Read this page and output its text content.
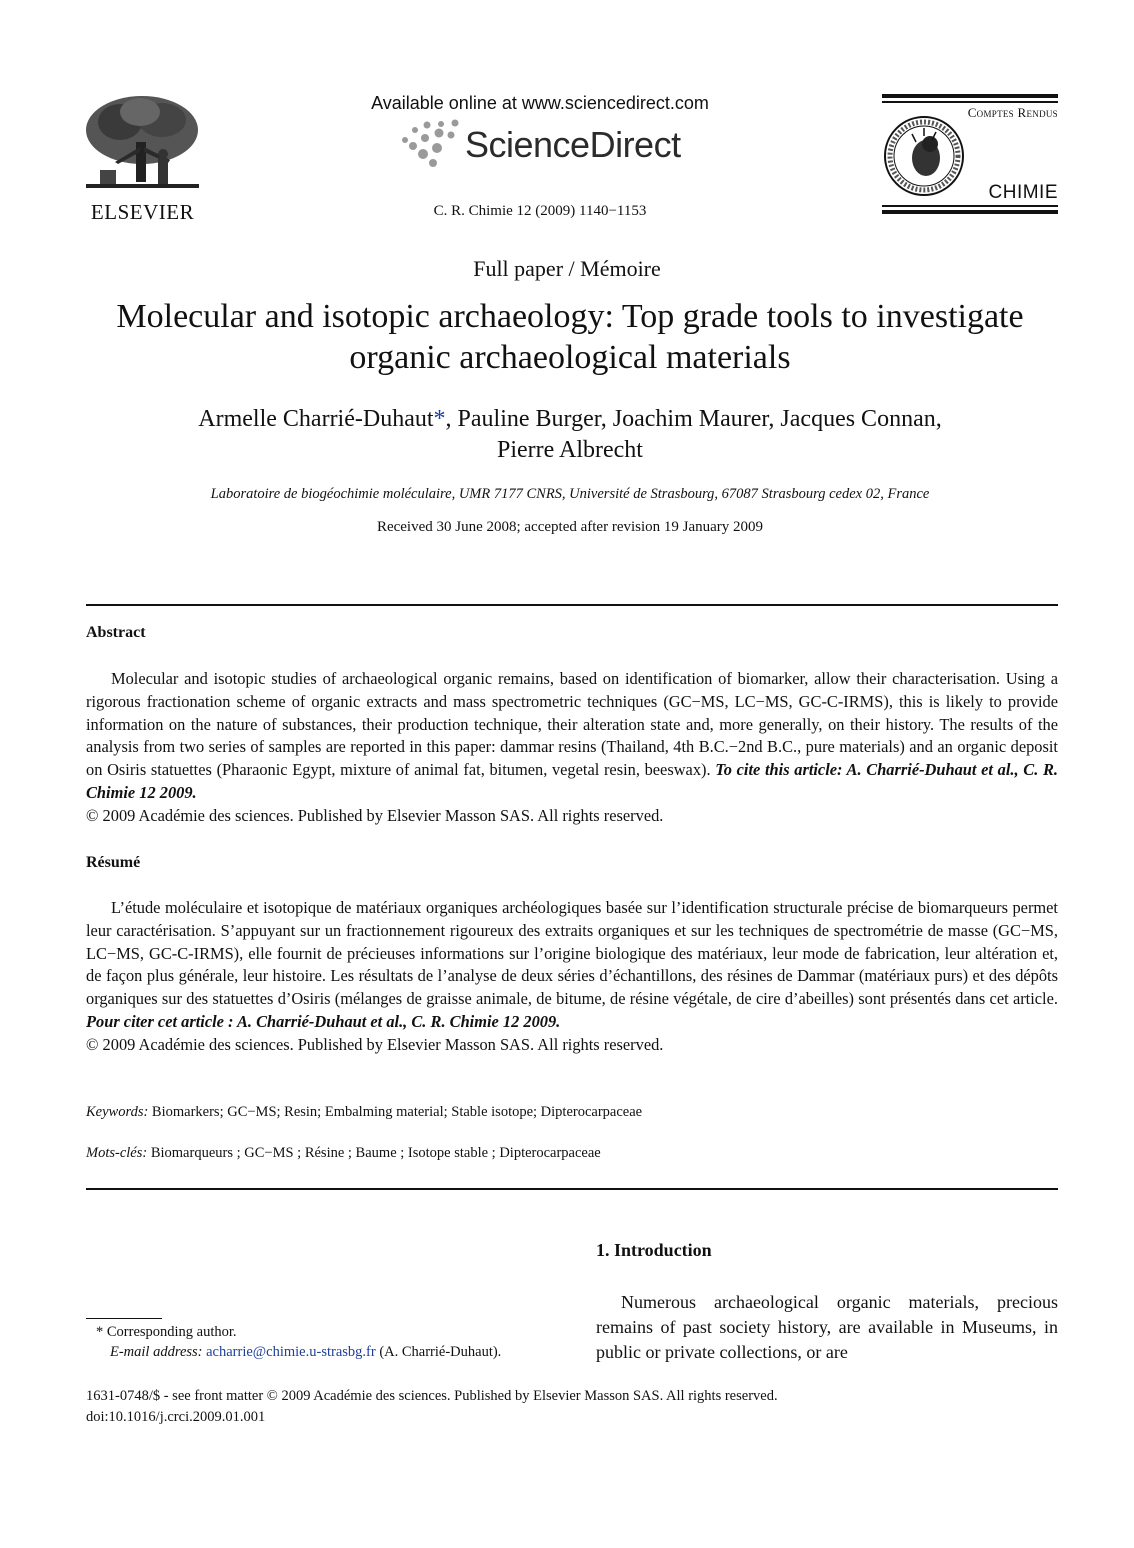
ELSEVIER
Available online at www.sciencedirect.com
ScienceDirect
C. R. Chimie 12 (2009) 1140−1153
Comptes Rendus
CHIMIE
Full paper / Mémoire
Molecular and isotopic archaeology: Top grade tools to investigate
organic archaeological materials
Armelle Charrié-Duhaut*, Pauline Burger, Joachim Maurer, Jacques Connan,
Pierre Albrecht
Laboratoire de biogéochimie moléculaire, UMR 7177 CNRS, Université de Strasbourg, 67087 Strasbourg cedex 02, France
Received 30 June 2008; accepted after revision 19 January 2009
Abstract
Molecular and isotopic studies of archaeological organic remains, based on identification of biomarker, allow their characterisation. Using a rigorous fractionation scheme of organic extracts and mass spectrometric techniques (GC−MS, LC−MS, GC-C-IRMS), this is likely to provide information on the nature of substances, their production technique, their alteration state and, more generally, on their history. The results of the analysis from two series of samples are reported in this paper: dammar resins (Thailand, 4th B.C.−2nd B.C., pure materials) and an organic deposit on Osiris statuettes (Pharaonic Egypt, mixture of animal fat, bitumen, vegetal resin, beeswax). To cite this article: A. Charrié-Duhaut et al., C. R. Chimie 12 2009.
© 2009 Académie des sciences. Published by Elsevier Masson SAS. All rights reserved.
Résumé
L’étude moléculaire et isotopique de matériaux organiques archéologiques basée sur l’identification structurale précise de biomarqueurs permet leur caractérisation. S’appuyant sur un fractionnement rigoureux des extraits organiques et sur les techniques de spectrométrie de masse (GC−MS, LC−MS, GC-C-IRMS), elle fournit de précieuses informations sur l’origine biologique des matériaux, leur mode de fabrication, leur altération et, de façon plus générale, leur histoire. Les résultats de l’analyse de deux séries d’échantillons, des résines de Dammar (matériaux purs) et des dépôts organiques sur des statuettes d’Osiris (mélanges de graisse animale, de bitume, de résine végétale, de cire d’abeilles) sont présentés dans cet article. Pour citer cet article : A. Charrié-Duhaut et al., C. R. Chimie 12 2009.
© 2009 Académie des sciences. Published by Elsevier Masson SAS. All rights reserved.
Keywords: Biomarkers; GC−MS; Resin; Embalming material; Stable isotope; Dipterocarpaceae
Mots-clés: Biomarqueurs ; GC−MS ; Résine ; Baume ; Isotope stable ; Dipterocarpaceae
1. Introduction
Numerous archaeological organic materials, precious remains of past society history, are available in Museums, in public or private collections, or are
* Corresponding author.
E-mail address: acharrie@chimie.u-strasbg.fr (A. Charrié-Duhaut).
1631-0748/$ - see front matter © 2009 Académie des sciences. Published by Elsevier Masson SAS. All rights reserved.
doi:10.1016/j.crci.2009.01.001
